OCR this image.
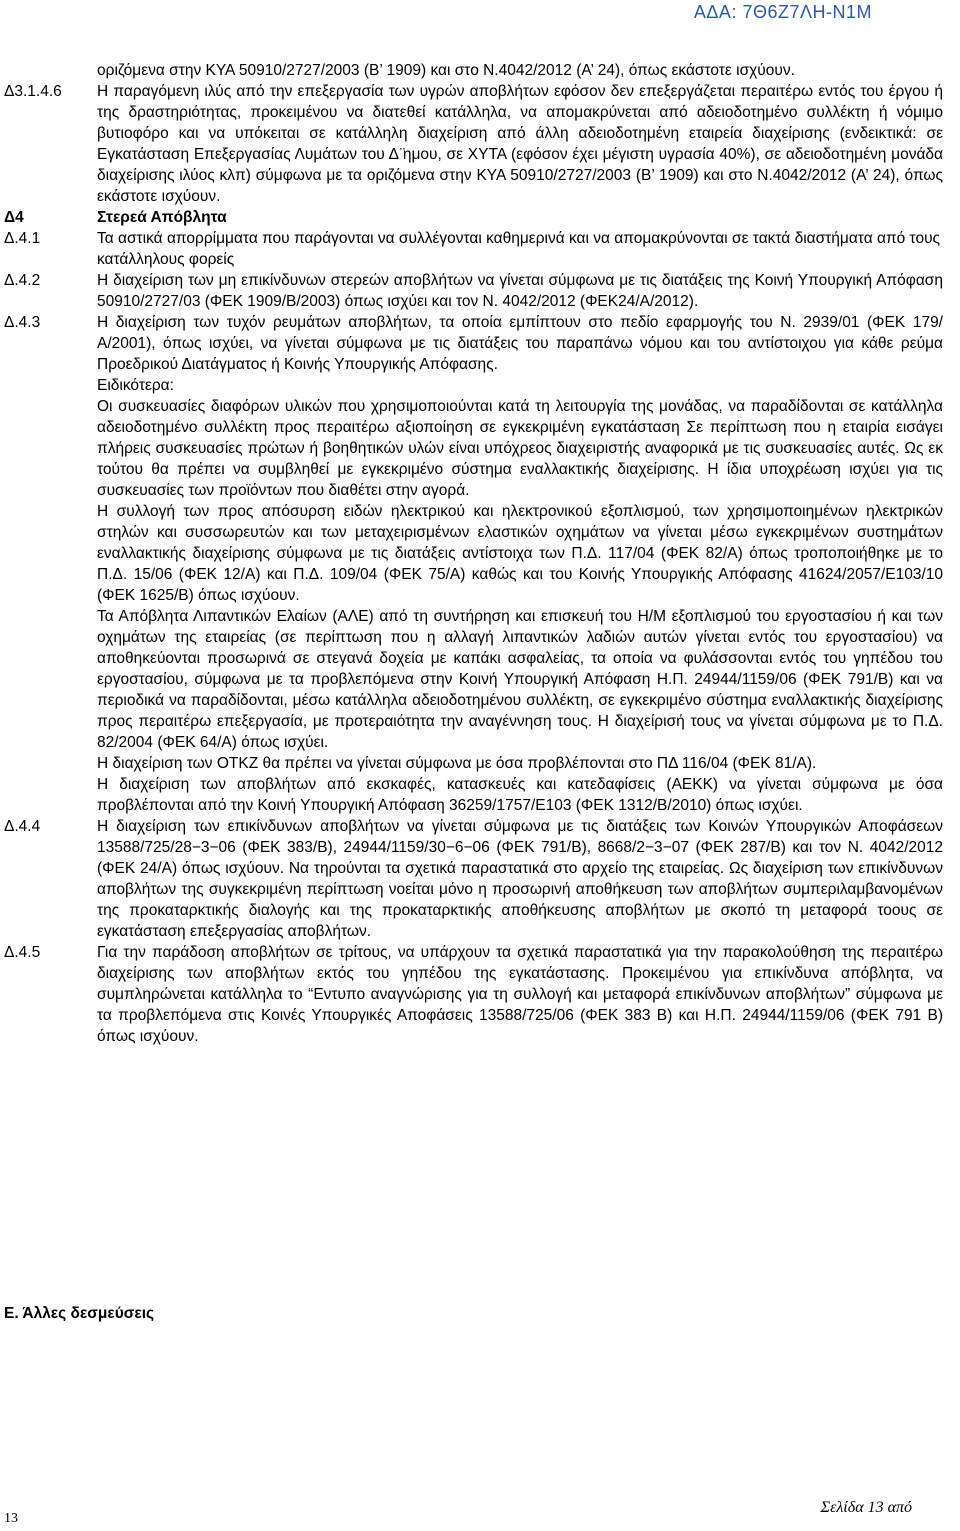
ΑΔΑ: 7Θ6Ζ7ΛΗ-Ν1Μ
οριζόμενα στην ΚΥΑ 50910/2727/2003 (Β’ 1909) και στο Ν.4042/2012 (Α’ 24), όπως εκάστοτε ισχύουν.
Δ3.1.4.6 Η παραγόμενη ιλύς από την επεξεργασία των υγρών αποβλήτων εφόσον δεν επεξεργάζεται περαιτέρω εντός του έργου ή της δραστηριότητας, προκειμένου να διατεθεί κατάλληλα, να απομακρύνεται από αδειοδοτημένο συλλέκτη ή νόμιμο βυτιοφόρο και να υπόκειται σε κατάλληλη διαχείριση από άλλη αδειοδοτημένη εταιρεία διαχείρισης (ενδεικτικά: σε Εγκατάσταση Επεξεργασίας Λυμάτων του Δ ̈ημου, σε ΧΥΤΑ (εφόσον έχει μέγιστη υγρασία 40%), σε αδειοδοτημένη μονάδα διαχείρισης ιλύος κλπ) σύμφωνα με τα οριζόμενα στην ΚΥΑ 50910/2727/2003 (Β’ 1909) και στο Ν.4042/2012 (Α’ 24), όπως εκάστοτε ισχύουν.
Δ4	Στερεά Απόβλητα
Δ.4.1	Τα αστικά απορρίμματα που παράγονται να συλλέγονται καθημερινά και να απομακρύνονται σε τακτά διαστήματα από τους κατάλληλους φορείς
Δ.4.2	Η διαχείριση των μη επικίνδυνων στερεών αποβλήτων να γίνεται σύμφωνα με τις διατάξεις της Κοινή Υπουργική Απόφαση 50910/2727/03 (ΦΕΚ 1909/Β/2003) όπως ισχύει και τον Ν. 4042/2012 (ΦΕΚ24/Α/2012).
Δ.4.3	Η διαχείριση των τυχόν ρευμάτων αποβλήτων, τα οποία εμπίπτουν στο πεδίο εφαρμογής του Ν. 2939/01 (ΦΕΚ 179/Α/2001), όπως ισχύει, να γίνεται σύμφωνα με τις διατάξεις του παραπάνω νόμου και του αντίστοιχου για κάθε ρεύμα Προεδρικού Διατάγματος ή Κοινής Υπουργικής Απόφασης.

Ειδικότερα:

Οι συσκευασίες διαφόρων υλικών που χρησιμοποιούνται κατά τη λειτουργία της μονάδας, να παραδίδονται σε κατάλληλα αδειοδοτημένο συλλέκτη προς περαιτέρω αξιοποίηση σε εγκεκριμένη εγκατάσταση Σε περίπτωση που η εταιρία εισάγει πλήρεις συσκευασίες πρώτων ή βοηθητικών υλών είναι υπόχρεος διαχειριστής αναφορικά με τις συσκευασίες αυτές. Ως εκ τούτου θα πρέπει να συμβληθεί με εγκεκριμένο σύστημα εναλλακτικής διαχείρισης. Η ίδια υποχρέωση ισχύει για τις συσκευασίες των προϊόντων που διαθέτει στην αγορά.

Η συλλογή των προς απόσυρση ειδών ηλεκτρικού και ηλεκτρονικού εξοπλισμού, των χρησιμοποιημένων ηλεκτρικών στηλών και συσσωρευτών και των μεταχειρισμένων ελαστικών οχημάτων να γίνεται μέσω εγκεκριμένων συστημάτων εναλλακτικής διαχείρισης σύμφωνα με τις διατάξεις αντίστοιχα των Π.Δ. 117/04 (ΦΕΚ 82/Α) όπως τροποποιήθηκε με το Π.Δ. 15/06 (ΦΕΚ 12/Α) και Π.Δ. 109/04 (ΦΕΚ 75/Α) καθώς και του Κοινής Υπουργικής Απόφασης 41624/2057/Ε103/10 (ΦΕΚ 1625/Β) όπως ισχύουν.

Τα Απόβλητα Λιπαντικών Ελαίων (ΑΛΕ) από τη συντήρηση και επισκευή του Η/Μ εξοπλισμού του εργοστασίου ή και των οχημάτων της εταιρείας (σε περίπτωση που η αλλαγή λιπαντικών λαδιών αυτών γίνεται εντός του εργοστασίου) να αποθηκεύονται προσωρινά σε στεγανά δοχεία με καπάκι ασφαλείας, τα οποία να φυλάσσονται εντός του γηπέδου του εργοστασίου, σύμφωνα με τα προβλεπόμενα στην Κοινή Υπουργική Απόφαση Η.Π. 24944/1159/06 (ΦΕΚ 791/Β) και να περιοδικά να παραδίδονται, μέσω κατάλληλα αδειοδοτημένου συλλέκτη, σε εγκεκριμένο σύστημα εναλλακτικής διαχείρισης προς περαιτέρω επεξεργασία, με προτεραιότητα την αναγέννηση τους. Η διαχείρισή τους να γίνεται σύμφωνα με το Π.Δ. 82/2004 (ΦΕΚ 64/Α) όπως ισχύει.

Η διαχείριση των ΟΤΚΖ θα πρέπει να γίνεται σύμφωνα με όσα προβλέπονται στο ΠΔ 116/04 (ΦΕΚ 81/Α).

Η διαχείριση των αποβλήτων από εκσκαφές, κατασκευές και κατεδαφίσεις (ΑΕΚΚ) να γίνεται σύμφωνα με όσα προβλέπονται από την Κοινή Υπουργική Απόφαση 36259/1757/Ε103 (ΦΕΚ 1312/Β/2010) όπως ισχύει.

Δ.4.4	Η διαχείριση των επικίνδυνων αποβλήτων να γίνεται σύμφωνα με τις διατάξεις των Κοινών Υπουργικών Αποφάσεων 13588/725/28−3−06 (ΦΕΚ 383/Β), 24944/1159/30−6−06 (ΦΕΚ 791/Β), 8668/2−3−07 (ΦΕΚ 287/Β) και τον Ν. 4042/2012 (ΦΕΚ 24/Α) όπως ισχύουν. Να τηρούνται τα σχετικά παραστατικά στο αρχείο της εταιρείας. Ως διαχείριση των επικίνδυνων αποβλήτων της συγκεκριμένη περίπτωση νοείται μόνο η προσωρινή αποθήκευση των αποβλήτων συμπεριλαμβανομένων της προκαταρκτικής διαλογής και της προκαταρκτικής αποθήκευσης αποβλήτων με σκοπό τη μεταφορά τοους σε εγκατάσταση επεξεργασίας αποβλήτων.
Δ.4.5	Για την παράδοση αποβλήτων σε τρίτους, να υπάρχουν τα σχετικά παραστατικά για την παρακολούθηση της περαιτέρω διαχείρισης των αποβλήτων εκτός του γηπέδου της εγκατάστασης. Προκειμένου για επικίνδυνα απόβλητα, να συμπληρώνεται κατάλληλα το “Εντυπο αναγνώρισης για τη συλλογή και μεταφορά επικίνδυνων αποβλήτων” σύμφωνα με τα προβλεπόμενα στις Κοινές Υπουργικές Αποφάσεις 13588/725/06 (ΦΕΚ 383 Β) και Η.Π. 24944/1159/06 (ΦΕΚ 791 Β) όπως ισχύουν.
Ε. Άλλες δεσμεύσεις
13
Σελίδα 13 από
